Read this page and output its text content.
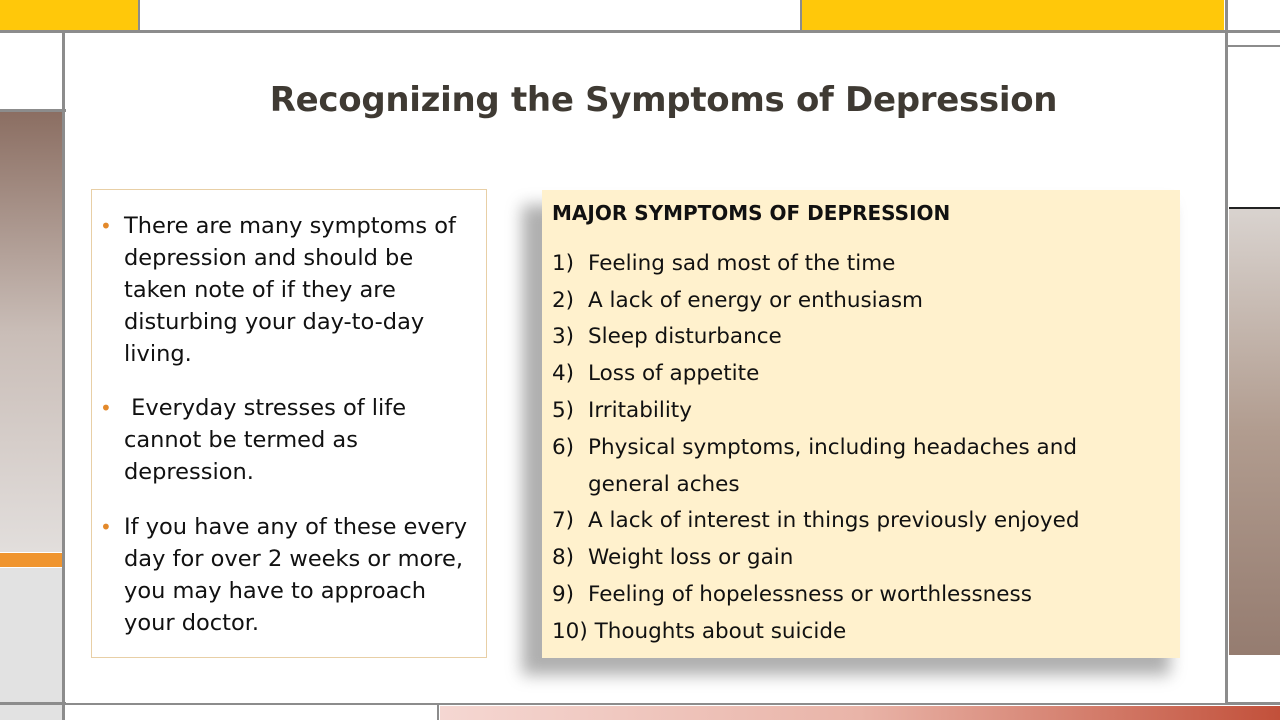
Recognizing the Symptoms of Depression
• There are many symptoms of depression and should be taken note of if they are disturbing your day-to-day living.
• Everyday stresses of life cannot be termed as depression.
• If you have any of these every day for over 2 weeks or more, you may have to approach your doctor.
MAJOR SYMPTOMS OF DEPRESSION
1) Feeling sad most of the time
2) A lack of energy or enthusiasm
3) Sleep disturbance
4) Loss of appetite
5) Irritability
6) Physical symptoms, including headaches and general aches
7) A lack of interest in things previously enjoyed
8) Weight loss or gain
9) Feeling of hopelessness or worthlessness
10) Thoughts about suicide
